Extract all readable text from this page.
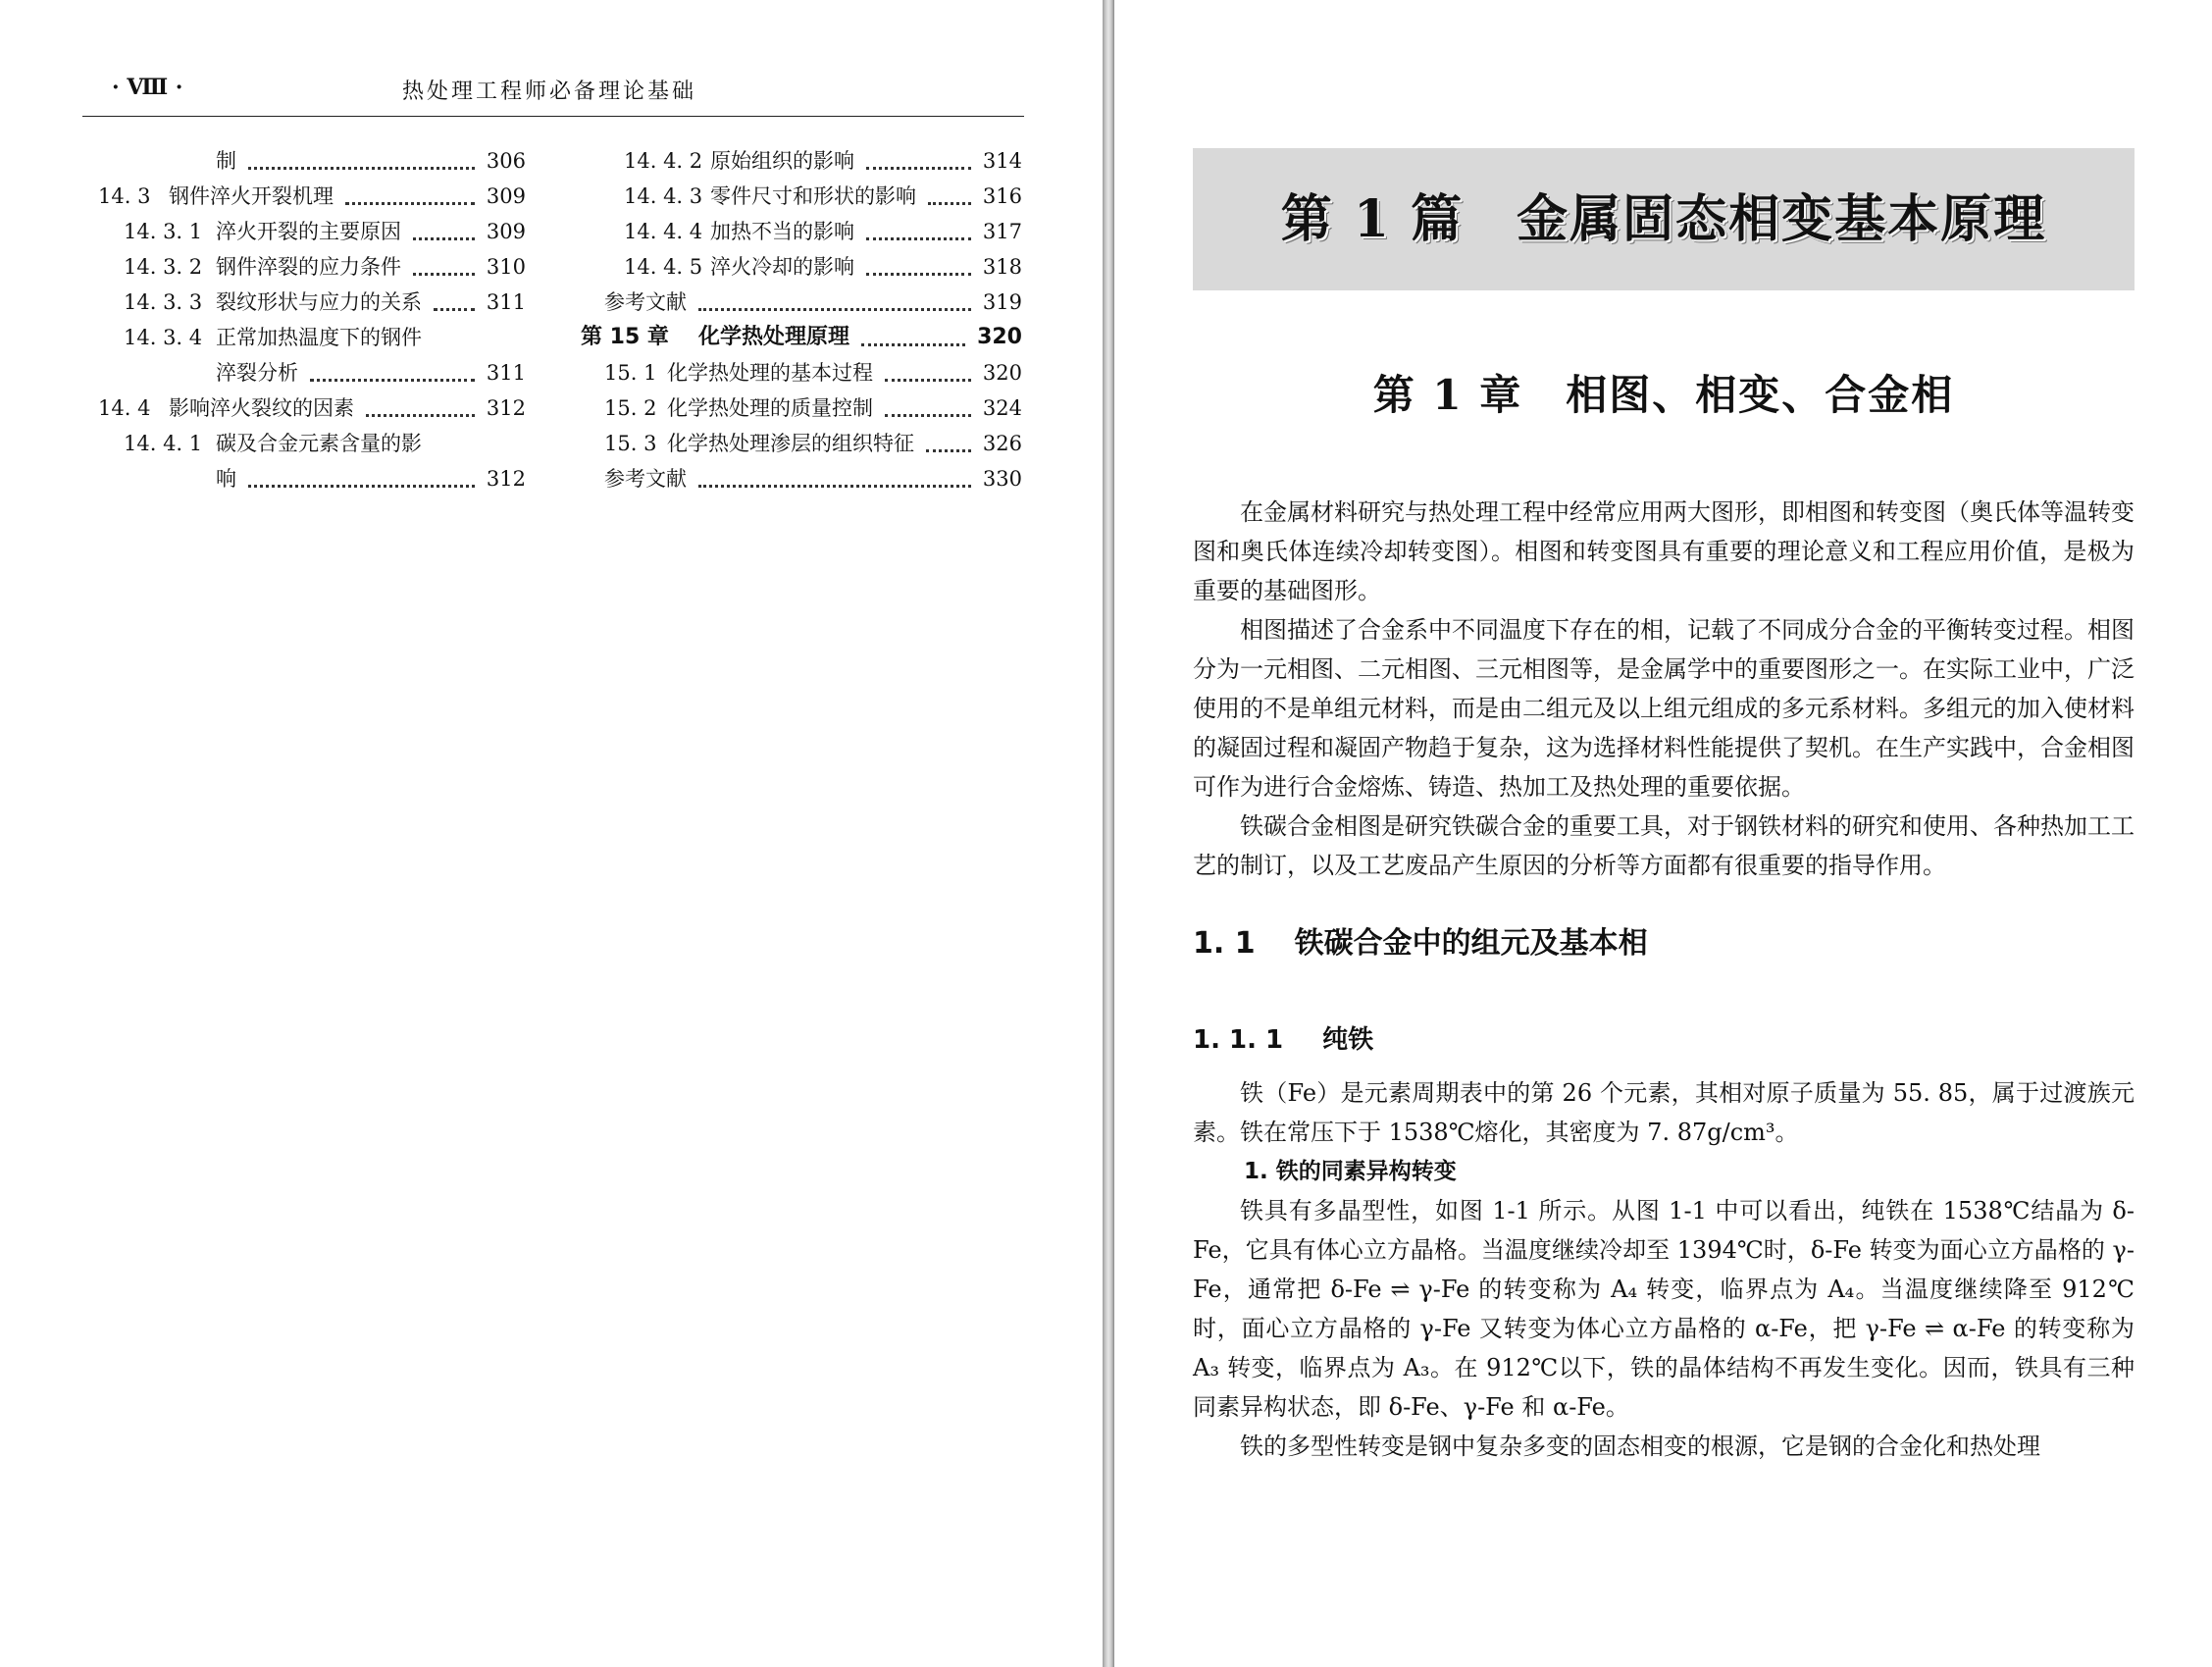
· Ⅷ ·	热处理工程师必备理论基础
制	306
14. 3 钢件淬火开裂机理	309
14. 3. 1 淬火开裂的主要原因	309
14. 3. 2 钢件淬裂的应力条件	310
14. 3. 3 裂纹形状与应力的关系	311
14. 3. 4 正常加热温度下的钢件
淬裂分析	311
14. 4 影响淬火裂纹的因素	312
14. 4. 1 碳及合金元素含量的影
响	312
14. 4. 2 原始组织的影响	314
14. 4. 3 零件尺寸和形状的影响	316
14. 4. 4 加热不当的影响	317
14. 4. 5 淬火冷却的影响	318
参考文献	319
第 15 章 化学热处理原理	320
15. 1 化学热处理的基本过程	320
15. 2 化学热处理的质量控制	324
15. 3 化学热处理渗层的组织特征	326
参考文献	330
第 1 篇　金属固态相变基本原理
第 1 章　相图、相变、合金相

在金属材料研究与热处理工程中经常应用两大图形，即相图和转变图（奥氏体等温转变图和奥氏体连续冷却转变图）。相图和转变图具有重要的理论意义和工程应用价值，是极为重要的基础图形。

相图描述了合金系中不同温度下存在的相，记载了不同成分合金的平衡转变过程。相图分为一元相图、二元相图、三元相图等，是金属学中的重要图形之一。在实际工业中，广泛使用的不是单组元材料，而是由二组元及以上组元组成的多元系材料。多组元的加入使材料的凝固过程和凝固产物趋于复杂，这为选择材料性能提供了契机。在生产实践中，合金相图可作为进行合金熔炼、铸造、热加工及热处理的重要依据。

铁碳合金相图是研究铁碳合金的重要工具，对于钢铁材料的研究和使用、各种热加工工艺的制订，以及工艺废品产生原因的分析等方面都有很重要的指导作用。

1. 1 铁碳合金中的组元及基本相
1. 1. 1 纯铁

铁（Fe）是元素周期表中的第 26 个元素，其相对原子质量为 55. 85，属于过渡族元素。铁在常压下于 1538℃熔化，其密度为 7. 87g/cm³。

1. 铁的同素异构转变

铁具有多晶型性，如图 1-1 所示。从图 1-1 中可以看出，纯铁在 1538℃结晶为 δ-Fe，它具有体心立方晶格。当温度继续冷却至 1394℃时，δ-Fe 转变为面心立方晶格的 γ-Fe，通常把 δ-Fe ⇌ γ-Fe 的转变称为 A₄ 转变，临界点为 A₄。当温度继续降至 912℃时，面心立方晶格的 γ-Fe 又转变为体心立方晶格的 α-Fe，把 γ-Fe ⇌ α-Fe 的转变称为 A₃ 转变，临界点为 A₃。在 912℃以下，铁的晶体结构不再发生变化。因而，铁具有三种同素异构状态，即 δ-Fe、γ-Fe 和 α-Fe。

铁的多型性转变是钢中复杂多变的固态相变的根源，它是钢的合金化和热处理
